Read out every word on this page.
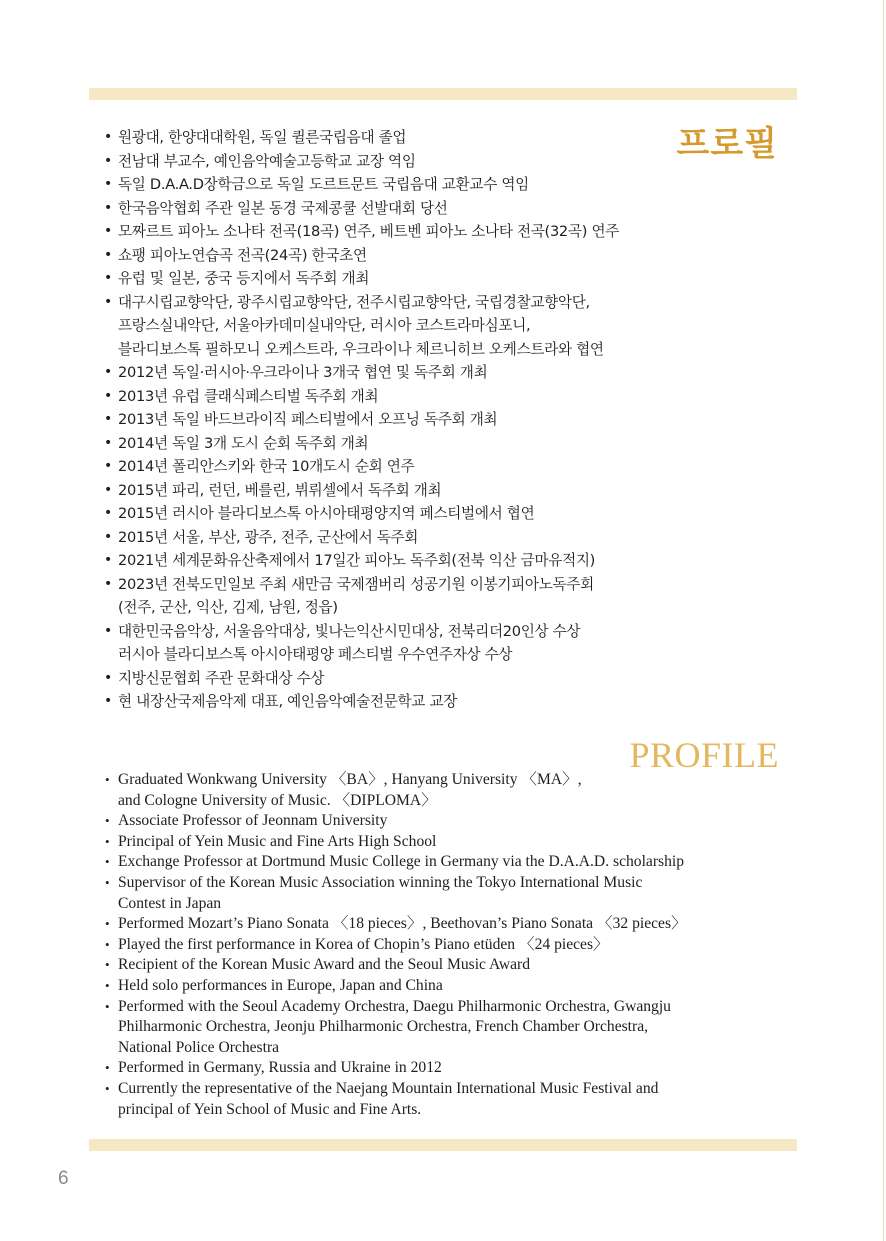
프로필
• 원광대, 한양대대학원, 독일 퀼른국립음대 졸업
• 전남대 부교수, 예인음악예술고등학교 교장 역임
• 독일 D.A.A.D장학금으로 독일 도르트문트 국립음대 교환교수 역임
• 한국음악협회 주관 일본 동경 국제콩쿨 선발대회 당선
• 모짜르트 피아노 소나타 전곡(18곡) 연주, 베트벤 피아노 소나타 전곡(32곡) 연주
• 쇼팽 피아노연습곡 전곡(24곡) 한국초연
• 유럽 및 일본, 중국 등지에서 독주회 개최
• 대구시립교향악단, 광주시립교향악단, 전주시립교향악단, 국립경찰교향악단,
프랑스실내악단, 서울아카데미실내악단, 러시아 코스트라마심포니,
블라디보스톡 필하모니 오케스트라, 우크라이나 체르니히브 오케스트라와 협연
• 2012년 독일·러시아·우크라이나 3개국 협연 및 독주회 개최
• 2013년 유럽 클래식페스티벌 독주회 개최
• 2013년 독일 바드브라이직 페스티벌에서 오프닝 독주회 개최
• 2014년 독일 3개 도시 순회 독주회 개최
• 2014년 폴리안스키와 한국 10개도시 순회 연주
• 2015년 파리, 런던, 베를린, 뷔뤼셀에서 독주회 개최
• 2015년 러시아 블라디보스톡 아시아태평양지역 페스티벌에서 협연
• 2015년 서울, 부산, 광주, 전주, 군산에서 독주회
• 2021년 세계문화유산축제에서 17일간 피아노 독주회(전북 익산 금마유적지)
• 2023년 전북도민일보 주최 새만금 국제잼버리 성공기원 이봉기피아노독주회
(전주, 군산, 익산, 김제, 남원, 정읍)
• 대한민국음악상, 서울음악대상, 빛나는익산시민대상, 전북리더20인상 수상
러시아 블라디보스톡 아시아태평양 페스티벌 우수연주자상 수상
• 지방신문협회 주관 문화대상 수상
• 현 내장산국제음악제 대표, 예인음악예술전문학교 교장
PROFILE
• Graduated Wonkwang University 〈BA〉, Hanyang University 〈MA〉,
and Cologne University of Music. 〈DIPLOMA〉
• Associate Professor of Jeonnam University
• Principal of Yein Music and Fine Arts High School
• Exchange Professor at Dortmund Music College in Germany via the D.A.A.D. scholarship
• Supervisor of the Korean Music Association winning the Tokyo International Music
Contest in Japan
• Performed Mozart’s Piano Sonata 〈18 pieces〉, Beethovan’s Piano Sonata 〈32 pieces〉
• Played the first performance in Korea of Chopin’s Piano etüden 〈24 pieces〉
• Recipient of the Korean Music Award and the Seoul Music Award
• Held solo performances in Europe, Japan and China
• Performed with the Seoul Academy Orchestra, Daegu Philharmonic Orchestra, Gwangju
Philharmonic Orchestra, Jeonju Philharmonic Orchestra, French Chamber Orchestra,
National Police Orchestra
• Performed in Germany, Russia and Ukraine in 2012
• Currently the representative of the Naejang Mountain International Music Festival and
principal of Yein School of Music and Fine Arts.
6
